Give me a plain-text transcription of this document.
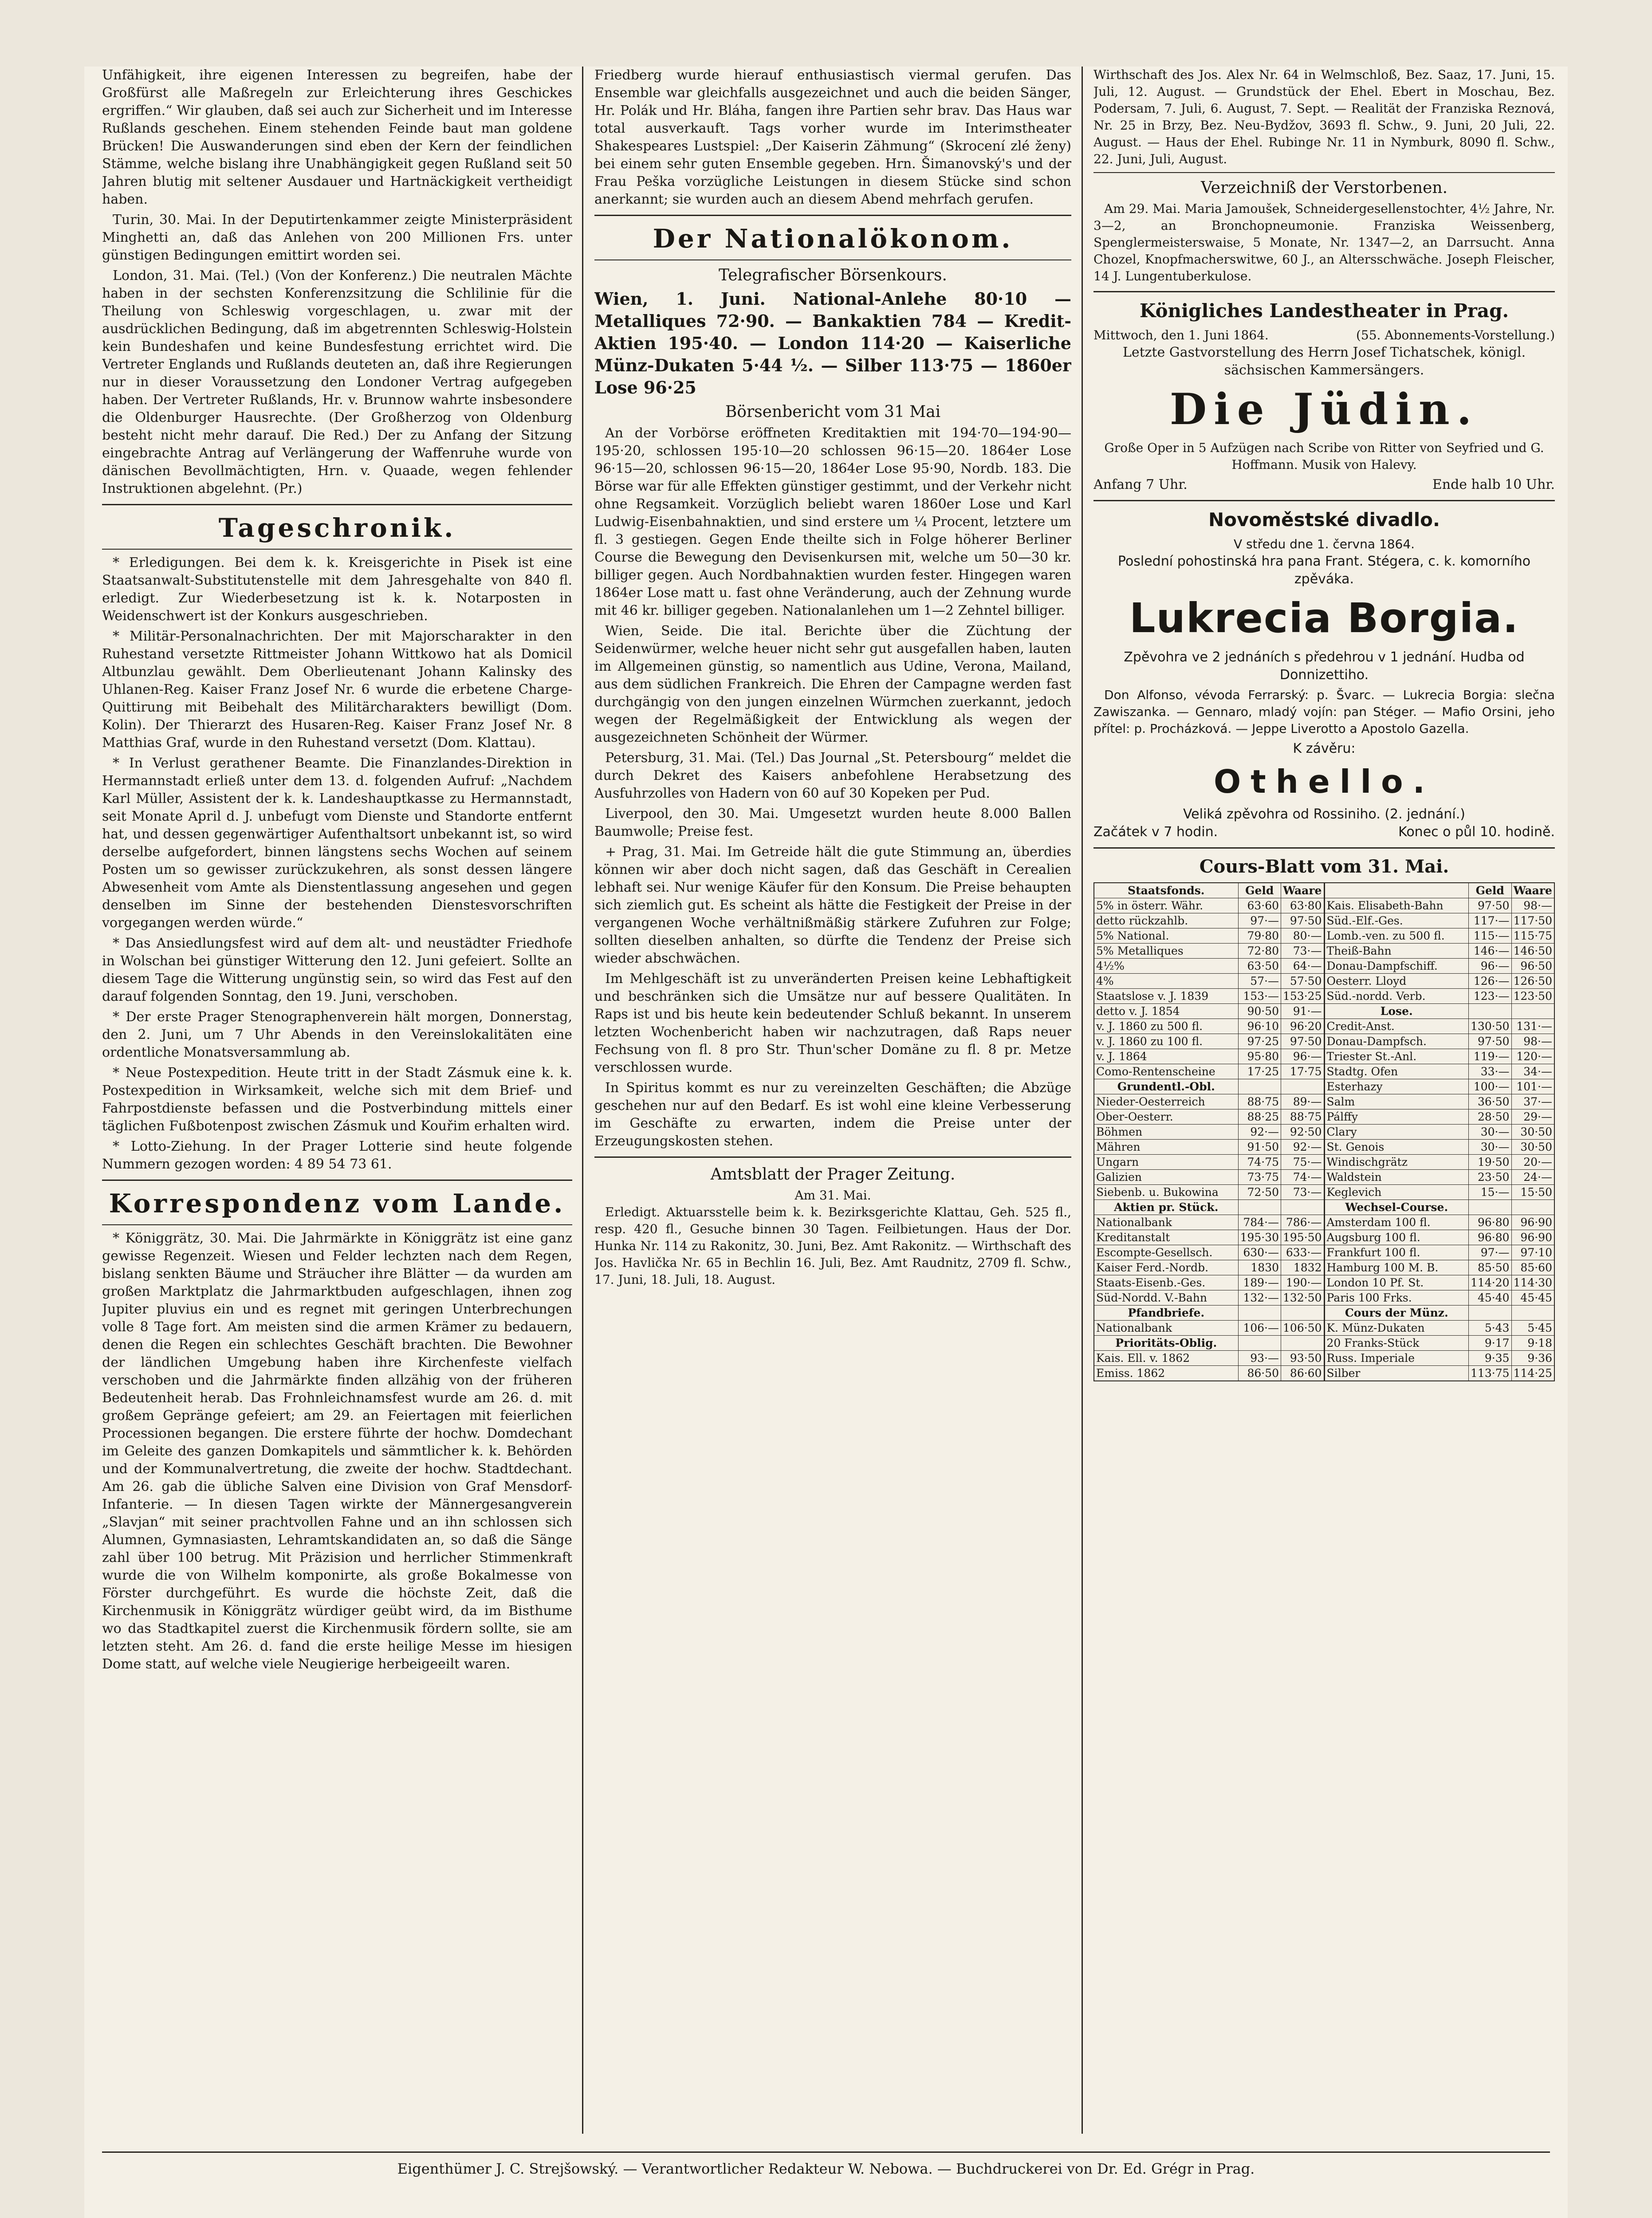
Unfähigkeit, ihre eigenen Interessen zu begreifen, habe der Großfürst alle Maßregeln zur Erleichterung ihres Geschickes ergriffen.“ Wir glauben, daß sei auch zur Sicherheit und im Interesse Rußlands geschehen. Einem stehenden Feinde baut man goldene Brücken! Die Auswanderungen sind eben der Kern der feindlichen Stämme, welche bislang ihre Unabhängigkeit gegen Rußland seit 50 Jahren blutig mit seltener Ausdauer und Hartnäckigkeit vertheidigt haben.

Turin, 30. Mai. In der Deputirtenkammer zeigte Ministerpräsident Minghetti an, daß das Anlehen von 200 Millionen Frs. unter günstigen Bedingungen emittirt worden sei.

London, 31. Mai. (Tel.) (Von der Konferenz.) Die neutralen Mächte haben in der sechsten Konferenzsitzung die Schlilinie für die Theilung von Schleswig vorgeschlagen, u. zwar mit der ausdrücklichen Bedingung, daß im abgetrennten Schleswig-Holstein kein Bundeshafen und keine Bundesfestung errichtet wird. Die Vertreter Englands und Rußlands deuteten an, daß ihre Regierungen nur in dieser Voraussetzung den Londoner Vertrag aufgegeben haben. Der Vertreter Rußlands, Hr. v. Brunnow wahrte insbesondere die Oldenburger Hausrechte. (Der Großherzog von Oldenburg besteht nicht mehr darauf. Die Red.) Der zu Anfang der Sitzung eingebrachte Antrag auf Verlängerung der Waffenruhe wurde von dänischen Bevollmächtigten, Hrn. v. Quaade, wegen fehlender Instruktionen abgelehnt. (Pr.)

Tageschronik.

* Erledigungen. Bei dem k. k. Kreisgerichte in Pisek ist eine Staatsanwalt-Substitutenstelle mit dem Jahresgehalte von 840 fl. erledigt. Zur Wiederbesetzung ist k. k. Notarposten in Weidenschwert ist der Konkurs ausgeschrieben.

* Militär-Personalnachrichten. Der mit Majorscharakter in den Ruhestand versetzte Rittmeister Johann Wittkowo hat als Domicil Altbunzlau gewählt. Dem Oberlieutenant Johann Kalinsky des Uhlanen-Reg. Kaiser Franz Josef Nr. 6 wurde die erbetene Charge-Quittirung mit Beibehalt des Militärcharakters bewilligt (Dom. Kolin). Der Thierarzt des Husaren-Reg. Kaiser Franz Josef Nr. 8 Matthias Graf, wurde in den Ruhestand versetzt (Dom. Klattau).

* In Verlust gerathener Beamte. Die Finanzlandes-Direktion in Hermannstadt erließ unter dem 13. d. folgenden Aufruf: „Nachdem Karl Müller, Assistent der k. k. Landeshauptkasse zu Hermannstadt, seit Monate April d. J. unbefugt vom Dienste und Standorte entfernt hat, und dessen gegenwärtiger Aufenthaltsort unbekannt ist, so wird derselbe aufgefordert, binnen längstens sechs Wochen auf seinem Posten um so gewisser zurückzukehren, als sonst dessen längere Abwesenheit vom Amte als Dienstentlassung angesehen und gegen denselben im Sinne der bestehenden Dienstesvorschriften vorgegangen werden würde.“

* Das Ansiedlungsfest wird auf dem alt- und neustädter Friedhofe in Wolschan bei günstiger Witterung den 12. Juni gefeiert. Sollte an diesem Tage die Witterung ungünstig sein, so wird das Fest auf den darauf folgenden Sonntag, den 19. Juni, verschoben.

* Der erste Prager Stenographenverein hält morgen, Donnerstag, den 2. Juni, um 7 Uhr Abends in den Vereinslokalitäten eine ordentliche Monatsversammlung ab.

* Neue Postexpedition. Heute tritt in der Stadt Zásmuk eine k. k. Postexpedition in Wirksamkeit, welche sich mit dem Brief- und Fahrpostdienste befassen und die Postverbindung mittels einer täglichen Fußbotenpost zwischen Zásmuk und Kouřim erhalten wird.

* Lotto-Ziehung. In der Prager Lotterie sind heute folgende Nummern gezogen worden: 4 89 54 73 61.

Korrespondenz vom Lande.

* Königgrätz, 30. Mai. Die Jahrmärkte in Königgrätz ist eine ganz gewisse Regenzeit. Wiesen und Felder lechzten nach dem Regen, bislang senkten Bäume und Sträucher ihre Blätter — da wurden am großen Marktplatz die Jahrmarktbuden aufgeschlagen, ihnen zog Jupiter pluvius ein und es regnet mit geringen Unterbrechungen volle 8 Tage fort. Am meisten sind die armen Krämer zu bedauern, denen die Regen ein schlechtes Geschäft brachten. Die Bewohner der ländlichen Umgebung haben ihre Kirchenfeste vielfach verschoben und die Jahrmärkte finden allzähig von der früheren Bedeutenheit herab. Das Frohnleichnamsfest wurde am 26. d. mit großem Gepränge gefeiert; am 29. an Feiertagen mit feierlichen Processionen begangen. Die erstere führte der hochw. Domdechant im Geleite des ganzen Domkapitels und sämmtlicher k. k. Behörden und der Kommunalvertretung, die zweite der hochw. Stadtdechant. Am 26. gab die übliche Salven eine Division von Graf Mensdorf-Infanterie. — In diesen Tagen wirkte der Männergesangverein „Slavjan“ mit seiner prachtvollen Fahne und an ihn schlossen sich Alumnen, Gymnasiasten, Lehramtskandidaten an, so daß die Sänge zahl über 100 betrug. Mit Präzision und herrlicher Stimmenkraft wurde die von Wilhelm komponirte, als große Bokalmesse von Förster durchgeführt. Es wurde die höchste Zeit, daß die Kirchenmusik in Königgrätz würdiger geübt wird, da im Bisthume wo das Stadtkapitel zuerst die Kirchenmusik fördern sollte, sie am letzten steht. Am 26. d. fand die erste heilige Messe im hiesigen Dome statt, auf welche viele Neugierige herbeigeeilt waren.

Friedberg wurde hierauf enthusiastisch viermal gerufen. Das Ensemble war gleichfalls ausgezeichnet und auch die beiden Sänger, Hr. Polák und Hr. Bláha, fangen ihre Partien sehr brav. Das Haus war total ausverkauft. Tags vorher wurde im Interimstheater Shakespeares Lustspiel: „Der Kaiserin Zähmung“ (Skrocení zlé ženy) bei einem sehr guten Ensemble gegeben. Hrn. Šimanovský's und der Frau Peška vorzügliche Leistungen in diesem Stücke sind schon anerkannt; sie wurden auch an diesem Abend mehrfach gerufen.

Der Nationalökonom.
Telegrafischer Börsenkours.

Wien, 1. Juni. National-Anlehe 80·10 — Metalliques 72·90. — Bankaktien 784 — Kredit-Aktien 195·40. — London 114·20 — Kaiserliche Münz-Dukaten 5·44 ½. — Silber 113·75 — 1860er Lose 96·25

Börsenbericht vom 31 Mai

An der Vorbörse eröffneten Kreditaktien mit 194·70—194·90—195·20, schlossen 195·10—20 schlossen 96·15—20. 1864er Lose 96·15—20, schlossen 96·15—20, 1864er Lose 95·90, Nordb. 183. Die Börse war für alle Effekten günstiger gestimmt, und der Verkehr nicht ohne Regsamkeit. Vorzüglich beliebt waren 1860er Lose und Karl Ludwig-Eisenbahnaktien, und sind erstere um ¼ Procent, letztere um fl. 3 gestiegen. Gegen Ende theilte sich in Folge höherer Berliner Course die Bewegung den Devisenkursen mit, welche um 50—30 kr. billiger gegen. Auch Nordbahnaktien wurden fester. Hingegen waren 1864er Lose matt u. fast ohne Veränderung, auch der Zehnung wurde mit 46 kr. billiger gegeben. Nationalanlehen um 1—2 Zehntel billiger.

Wien, Seide. Die ital. Berichte über die Züchtung der Seidenwürmer, welche heuer nicht sehr gut ausgefallen haben, lauten im Allgemeinen günstig, so namentlich aus Udine, Verona, Mailand, aus dem südlichen Frankreich. Die Ehren der Campagne werden fast durchgängig von den jungen einzelnen Würmchen zuerkannt, jedoch wegen der Regelmäßigkeit der Entwicklung als wegen der ausgezeichneten Schönheit der Würmer.

Petersburg, 31. Mai. (Tel.) Das Journal „St. Petersbourg“ meldet die durch Dekret des Kaisers anbefohlene Herabsetzung des Ausfuhrzolles von Hadern von 60 auf 30 Kopeken per Pud.

Liverpool, den 30. Mai. Umgesetzt wurden heute 8.000 Ballen Baumwolle; Preise fest.

+ Prag, 31. Mai. Im Getreide hält die gute Stimmung an, überdies können wir aber doch nicht sagen, daß das Geschäft in Cerealien lebhaft sei. Nur wenige Käufer für den Konsum. Die Preise behaupten sich ziemlich gut. Es scheint als hätte die Festigkeit der Preise in der vergangenen Woche verhältnißmäßig stärkere Zufuhren zur Folge; sollten dieselben anhalten, so dürfte die Tendenz der Preise sich wieder abschwächen.

Im Mehlgeschäft ist zu unveränderten Preisen keine Lebhaftigkeit und beschränken sich die Umsätze nur auf bessere Qualitäten. In Raps ist und bis heute kein bedeutender Schluß bekannt. In unserem letzten Wochenbericht haben wir nachzutragen, daß Raps neuer Fechsung von fl. 8 pro Str. Thun'scher Domäne zu fl. 8 pr. Metze verschlossen wurde.

In Spiritus kommt es nur zu vereinzelten Geschäften; die Abzüge geschehen nur auf den Bedarf. Es ist wohl eine kleine Verbesserung im Geschäfte zu erwarten, indem die Preise unter der Erzeugungskosten stehen.

Amtsblatt der Prager Zeitung.
Am 31. Mai.

Erledigt. Aktuarsstelle beim k. k. Bezirksgerichte Klattau, Geh. 525 fl., resp. 420 fl., Gesuche binnen 30 Tagen. Feilbietungen. Haus der Dor. Hunka Nr. 114 zu Rakonitz, 30. Juni, Bez. Amt Rakonitz. — Wirthschaft des Jos. Havlička Nr. 65 in Bechlin 16. Juli, Bez. Amt Raudnitz, 2709 fl. Schw., 17. Juni, 18. Juli, 18. August.

Wirthschaft des Jos. Alex Nr. 64 in Welmschloß, Bez. Saaz, 17. Juni, 15. Juli, 12. August. — Grundstück der Ehel. Ebert in Moschau, Bez. Podersam, 7. Juli, 6. August, 7. Sept. — Realität der Franziska Reznová, Nr. 25 in Brzy, Bez. Neu-Bydžov, 3693 fl. Schw., 9. Juni, 20 Juli, 22. August. — Haus der Ehel. Rubinge Nr. 11 in Nymburk, 8090 fl. Schw., 22. Juni, Juli, August.

Verzeichniß der Verstorbenen.

Am 29. Mai. Maria Jamoušek, Schneidergesellenstochter, 4½ Jahre, Nr. 3—2, an Bronchopneumonie. Franziska Weissenberg, Spenglermeisterswaise, 5 Monate, Nr. 1347—2, an Darrsucht. Anna Chozel, Knopfmacherswitwe, 60 J., an Altersschwäche. Joseph Fleischer, 14 J. Lungentuberkulose.

Königliches Landestheater in Prag.
Mittwoch, den 1. Juni 1864.	(55. Abonnements-Vorstellung.)
Letzte Gastvorstellung des Herrn Josef Tichatschek, königl. sächsischen Kammersängers.
Die Jüdin.

Große Oper in 5 Aufzügen nach Scribe von Ritter von Seyfried und G. Hoffmann. Musik von Halevy.

Anfang 7 Uhr.	Ende halb 10 Uhr.
Novoměstské divadlo.
V středu dne 1. června 1864.
Poslední pohostinská hra pana Frant. Stégera, c. k. komorního zpěváka.
Lukrecia Borgia.

Zpěvohra ve 2 jednáních s předehrou v 1 jednání. Hudba od Donnizettiho.

Don Alfonso, vévoda Ferrarský: p. Švarc. — Lukrecia Borgia: slečna Zawiszanka. — Gennaro, mladý vojín: pan Stéger. — Mafio Orsini, jeho přítel: p. Procházková. — Jeppe Liverotto a Apostolo Gazella.

K závěru:
Othello.
Veliká zpěvohra od Rossiniho. (2. jednání.)
Začátek v 7 hodin.	Konec o půl 10. hodině.
Cours-Blatt vom 31. Mai.
Staatsfonds.	Geld	Waare
5% in österr. Währ.	63·60	63·80
detto rückzahlb.	97·—	97·50
5% National.	79·80	80·—
5% Metalliques	72·80	73·—
4½%	63·50	64·—
4%	57·—	57·50
Staatslose v. J. 1839	153·—	153·25
detto v. J. 1854	90·50	91·—
v. J. 1860 zu 500 fl.	96·10	96·20
v. J. 1860 zu 100 fl.	97·25	97·50
v. J. 1864	95·80	96·—
Como-Rentenscheine	17·25	17·75
Grundentl.-Obl.		
Nieder-Oesterreich	88·75	89·—
Ober-Oesterr.	88·25	88·75
Böhmen	92·—	92·50
Mähren	91·50	92·—
Ungarn	74·75	75·—
Galizien	73·75	74·—
Siebenb. u. Bukowina	72·50	73·—
Aktien pr. Stück.		
Nationalbank	784·—	786·—
Kreditanstalt	195·30	195·50
Escompte-Gesellsch.	630·—	633·—
Kaiser Ferd.-Nordb.	1830	1832
Staats-Eisenb.-Ges.	189·—	190·—
Süd-Nordd. V.-Bahn	132·—	132·50
Pfandbriefe.		
Nationalbank	106·—	106·50
Prioritäts-Oblig.		
Kais. Ell. v. 1862	93·—	93·50
Emiss. 1862	86·50	86·60

	Geld	Waare
Kais. Elisabeth-Bahn	97·50	98·—
Süd.-Elf.-Ges.	117·—	117·50
Lomb.-ven. zu 500 fl.	115·—	115·75
Theiß-Bahn	146·—	146·50
Donau-Dampfschiff.	96·—	96·50
Oesterr. Lloyd	126·—	126·50
Süd.-nordd. Verb.	123·—	123·50
Lose.		
Credit-Anst.	130·50	131·—
Donau-Dampfsch.	97·50	98·—
Triester St.-Anl.	119·—	120·—
Stadtg. Ofen	33·—	34·—
Esterhazy	100·—	101·—
Salm	36·50	37·—
Pálffy	28·50	29·—
Clary	30·—	30·50
St. Genois	30·—	30·50
Windischgrätz	19·50	20·—
Waldstein	23·50	24·—
Keglevich	15·—	15·50
Wechsel-Course.		
Amsterdam 100 fl.	96·80	96·90
Augsburg 100 fl.	96·80	96·90
Frankfurt 100 fl.	97·—	97·10
Hamburg 100 M. B.	85·50	85·60
London 10 Pf. St.	114·20	114·30
Paris 100 Frks.	45·40	45·45
Cours der Münz.		
K. Münz-Dukaten	5·43	5·45
20 Franks-Stück	9·17	9·18
Russ. Imperiale	9·35	9·36
Silber	113·75	114·25
Eigenthümer J. C. Strejšowský. — Verantwortlicher Redakteur W. Nebowa. — Buchdruckerei von Dr. Ed. Grégr in Prag.
